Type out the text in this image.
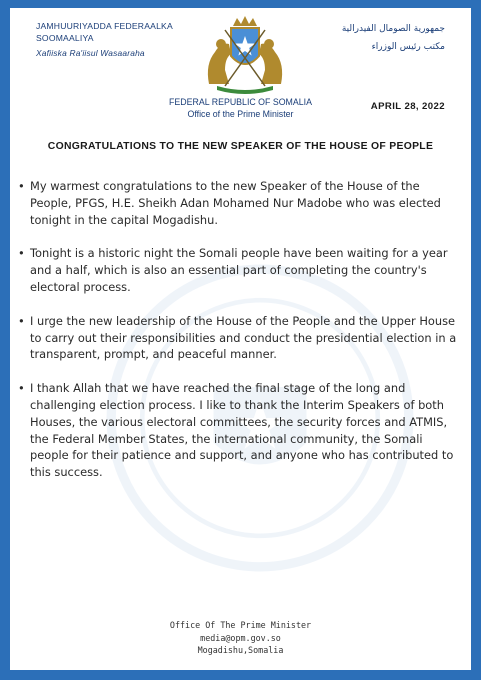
JAMHUURIYADDA FEDERAALKA
SOOMAALIYA
Xafiiska Ra'iisul Wasaaraha
جمهورية الصومال الفيدرالية
مكتب رئيس الوزراء
FEDERAL REPUBLIC OF SOMALIA
Office of the Prime Minister
APRIL 28, 2022
CONGRATULATIONS TO THE NEW SPEAKER OF THE HOUSE OF PEOPLE
• My warmest congratulations to the new Speaker of the House of the People, PFGS, H.E. Sheikh Adan Mohamed Nur Madobe who was elected tonight in the capital Mogadishu.
• Tonight is a historic night the Somali people have been waiting for a year and a half, which is also an essential part of completing the country's electoral process.
• I urge the new leadership of the House of the People and the Upper House to carry out their responsibilities and conduct the presidential election in a transparent, prompt, and peaceful manner.
• I thank Allah that we have reached the final stage of the long and challenging election process. I like to thank the Interim Speakers of both Houses, the various electoral committees, the security forces and ATMIS, the Federal Member States, the international community, the Somali people for their patience and support, and anyone who has contributed to this success.
Office Of The Prime Minister
media@opm.gov.so
Mogadishu,Somalia
